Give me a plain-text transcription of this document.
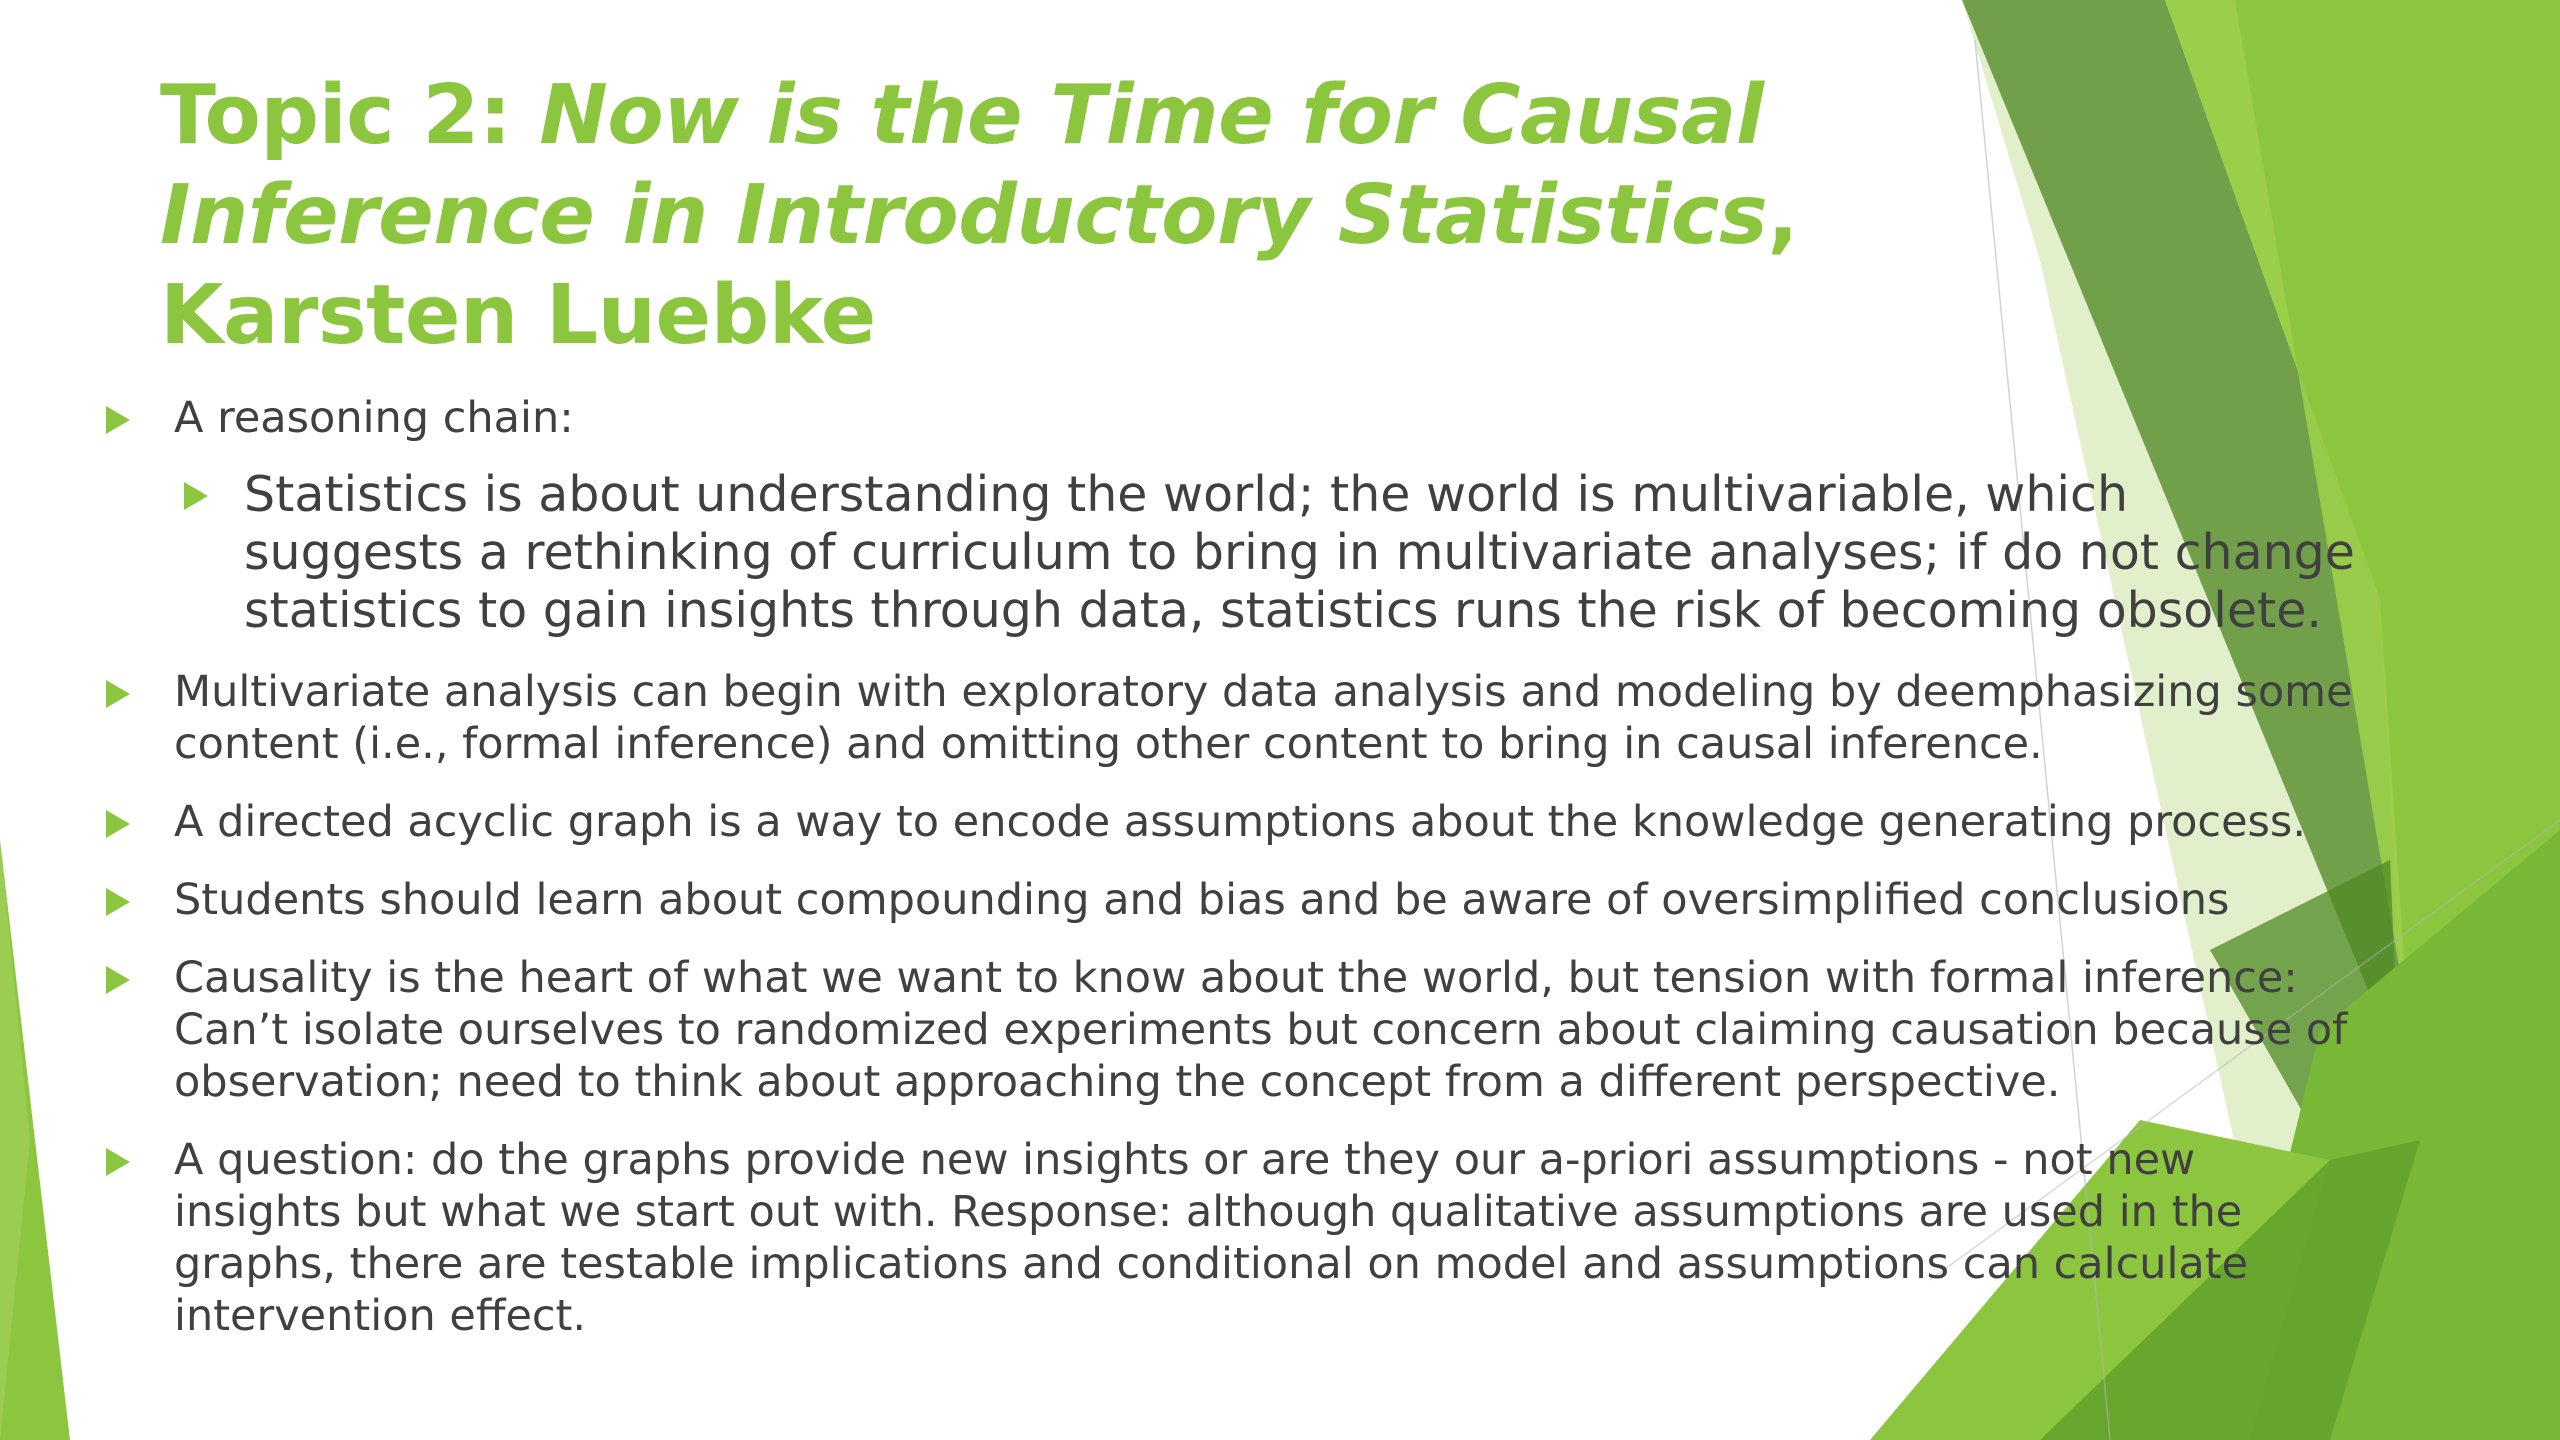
Topic 2: Now is the Time for Causal Inference in Introductory Statistics, Karsten Luebke
A reasoning chain:
Statistics is about understanding the world; the world is multivariable, which suggests a rethinking of curriculum to bring in multivariate analyses; if do not change statistics to gain insights through data, statistics runs the risk of becoming obsolete.
Multivariate analysis can begin with exploratory data analysis and modeling by deemphasizing some content (i.e., formal inference) and omitting other content to bring in causal inference.
A directed acyclic graph is a way to encode assumptions about the knowledge generating process.
Students should learn about compounding and bias and be aware of oversimplified conclusions
Causality is the heart of what we want to know about the world, but tension with formal inference: Can’t isolate ourselves to randomized experiments but concern about claiming causation because of observation; need to think about approaching the concept from a different perspective.
A question: do the graphs provide new insights or are they our a-priori assumptions - not new insights but what we start out with. Response: although qualitative assumptions are used in the graphs, there are testable implications and conditional on model and assumptions can calculate intervention effect.
